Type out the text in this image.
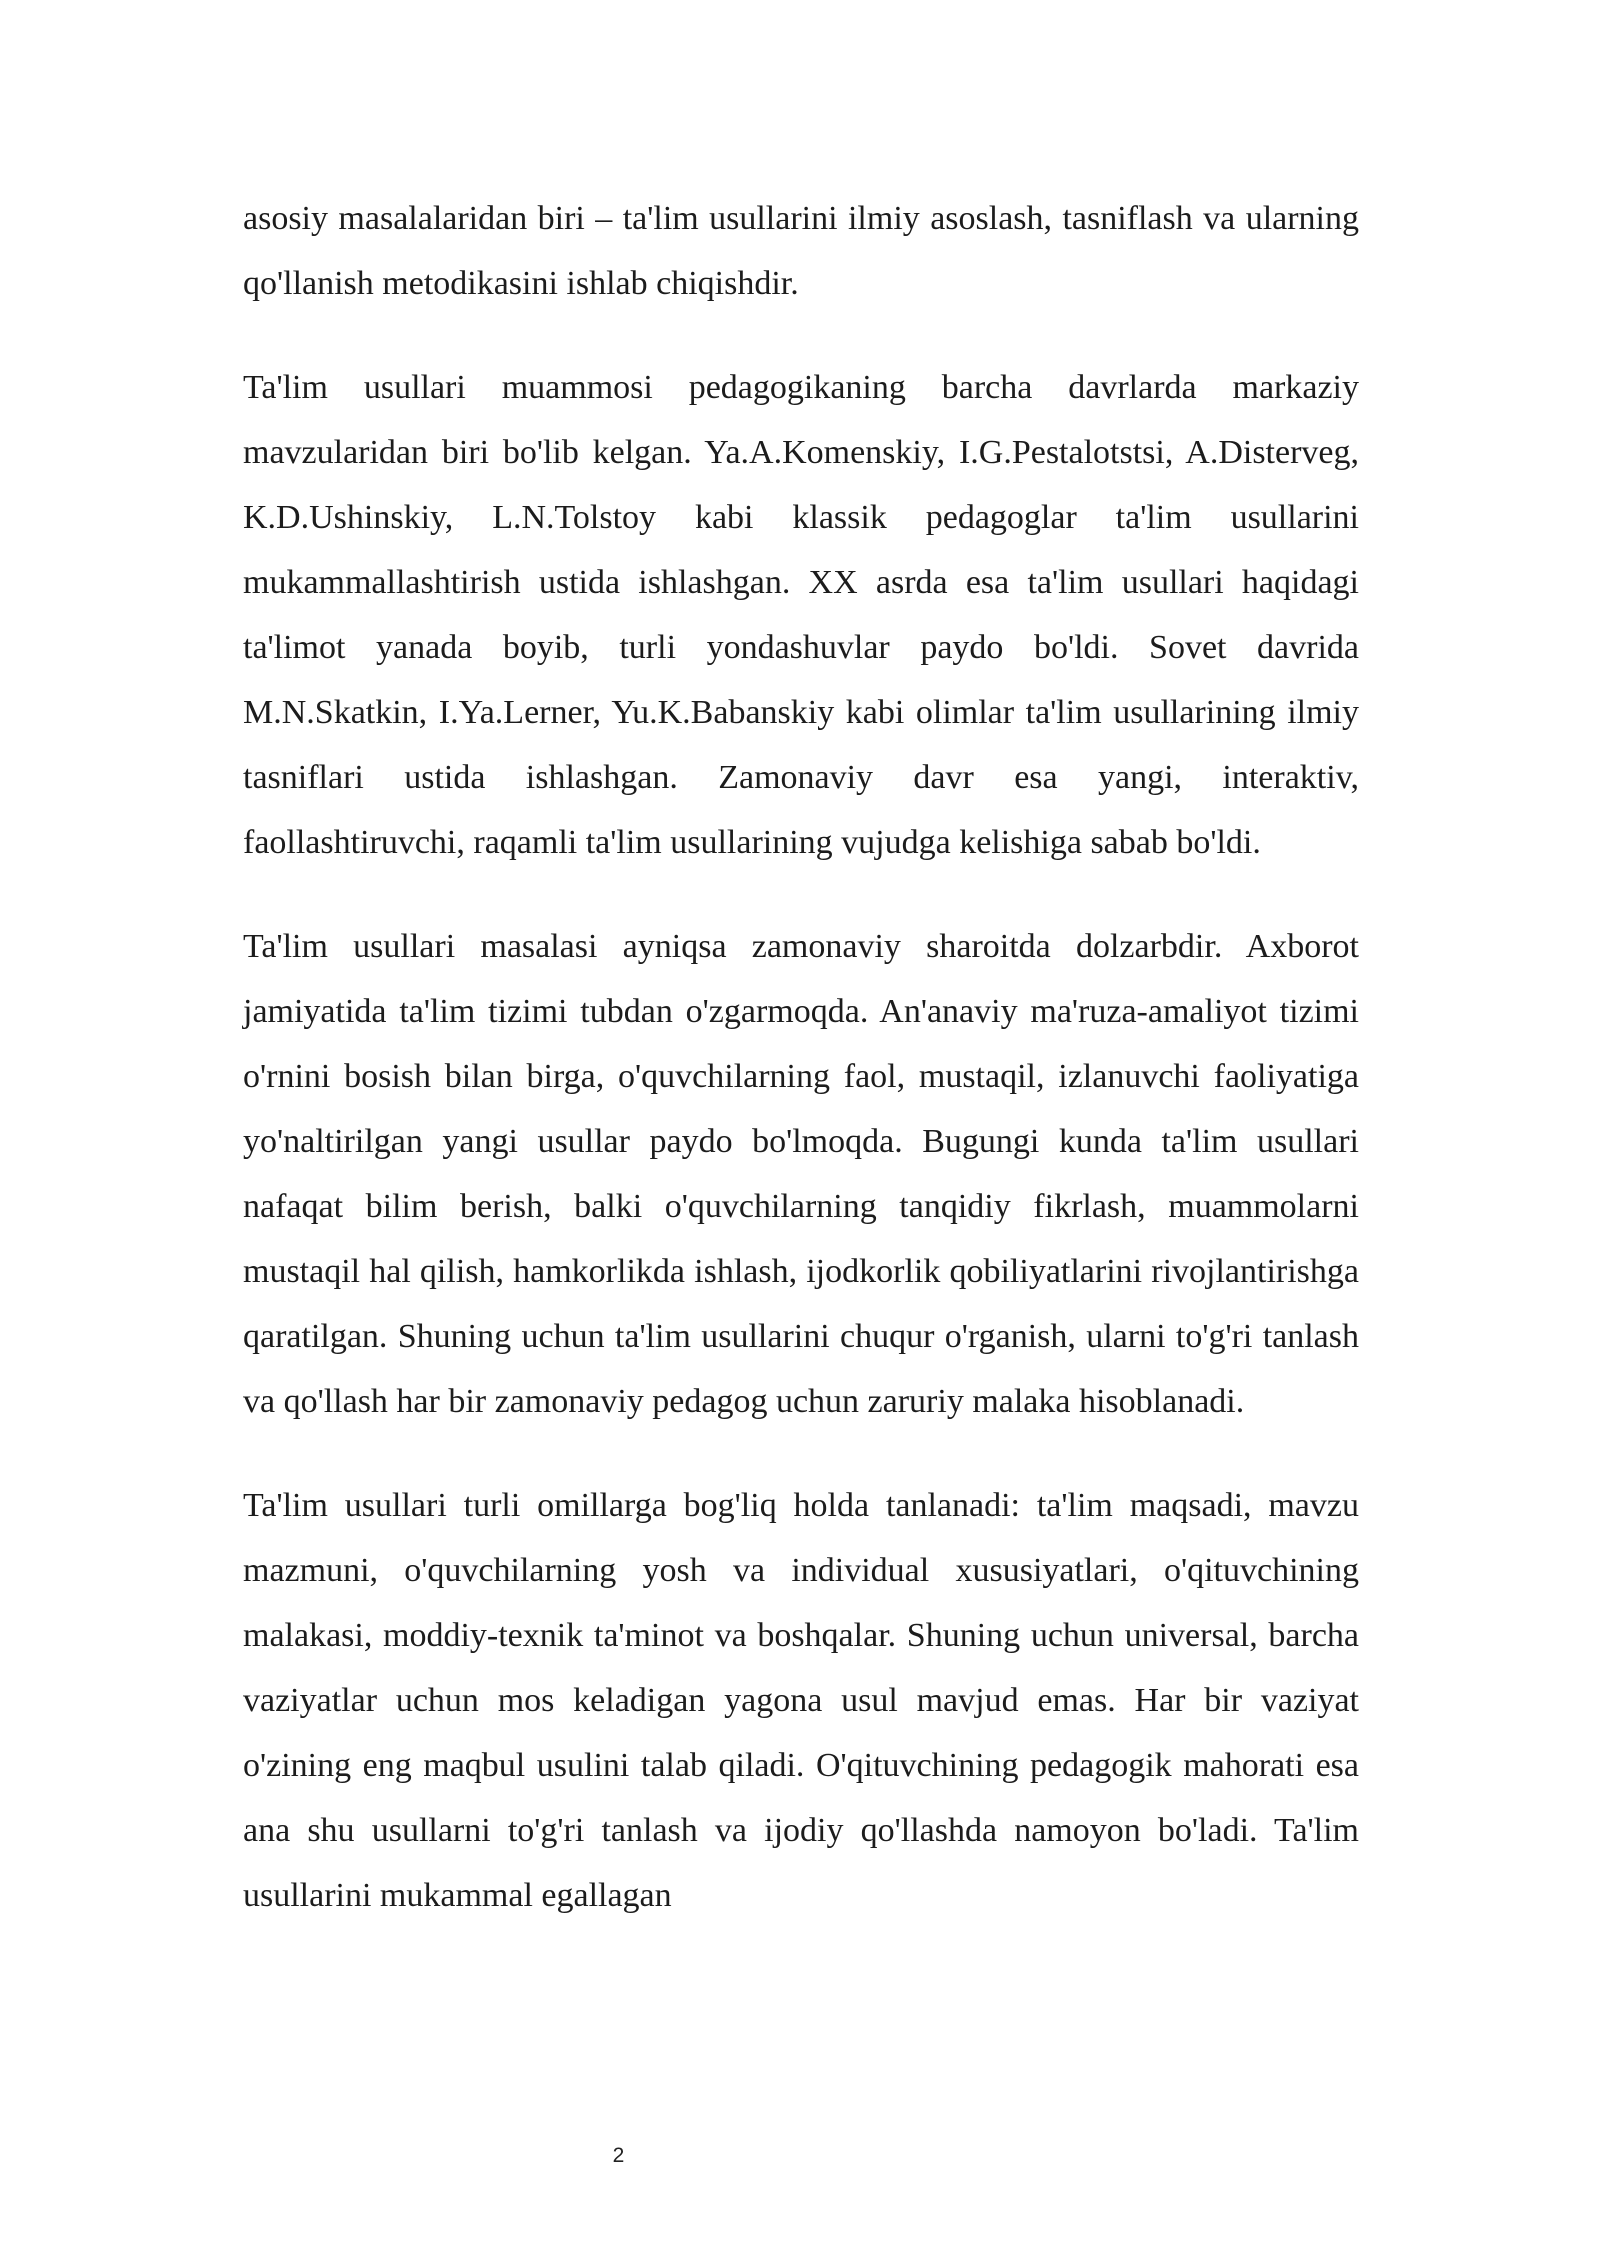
asosiy masalalaridan biri – ta'lim usullarini ilmiy asoslash, tasniflash va ularning qo'llanish metodikasini ishlab chiqishdir.

Ta'lim usullari muammosi pedagogikaning barcha davrlarda markaziy mavzularidan biri bo'lib kelgan. Ya.A.Komenskiy, I.G.Pestalotstsi, A.Disterveg, K.D.Ushinskiy, L.N.Tolstoy kabi klassik pedagoglar ta'lim usullarini mukammallashtirish ustida ishlashgan. XX asrda esa ta'lim usullari haqidagi ta'limot yanada boyib, turli yondashuvlar paydo bo'ldi. Sovet davrida M.N.Skatkin, I.Ya.Lerner, Yu.K.Babanskiy kabi olimlar ta'lim usullarining ilmiy tasniflari ustida ishlashgan. Zamonaviy davr esa yangi, interaktiv, faollashtiruvchi, raqamli ta'lim usullarining vujudga kelishiga sabab bo'ldi.

Ta'lim usullari masalasi ayniqsa zamonaviy sharoitda dolzarbdir. Axborot jamiyatida ta'lim tizimi tubdan o'zgarmoqda. An'anaviy ma'ruza-amaliyot tizimi o'rnini bosish bilan birga, o'quvchilarning faol, mustaqil, izlanuvchi faoliyatiga yo'naltirilgan yangi usullar paydo bo'lmoqda. Bugungi kunda ta'lim usullari nafaqat bilim berish, balki o'quvchilarning tanqidiy fikrlash, muammolarni mustaqil hal qilish, hamkorlikda ishlash, ijodkorlik qobiliyatlarini rivojlantirishga qaratilgan. Shuning uchun ta'lim usullarini chuqur o'rganish, ularni to'g'ri tanlash va qo'llash har bir zamonaviy pedagog uchun zaruriy malaka hisoblanadi.

Ta'lim usullari turli omillarga bog'liq holda tanlanadi: ta'lim maqsadi, mavzu mazmuni, o'quvchilarning yosh va individual xususiyatlari, o'qituvchining malakasi, moddiy-texnik ta'minot va boshqalar. Shuning uchun universal, barcha vaziyatlar uchun mos keladigan yagona usul mavjud emas. Har bir vaziyat o'zining eng maqbul usulini talab qiladi. O'qituvchining pedagogik mahorati esa ana shu usullarni to'g'ri tanlash va ijodiy qo'llashda namoyon bo'ladi. Ta'lim usullarini mukammal egallagan

2
